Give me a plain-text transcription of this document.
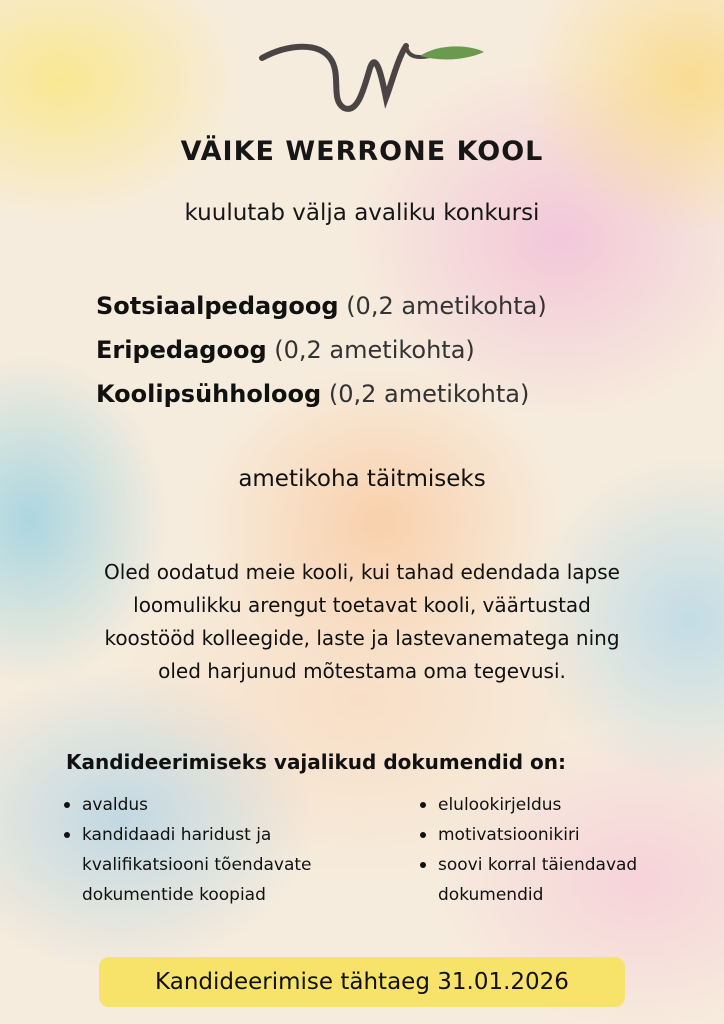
VÄIKE WERRONE KOOL
kuulutab välja avaliku konkursi
Sotsiaalpedagoog (0,2 ametikohta)
Eripedagoog (0,2 ametikohta)
Koolipsühholoog (0,2 ametikohta)
ametikoha täitmiseks
Oled oodatud meie kooli, kui tahad edendada lapse
loomulikku arengut toetavat kooli, väärtustad
koostööd kolleegide, laste ja lastevanematega ning
oled harjunud mõtestama oma tegevusi.
Kandideerimiseks vajalikud dokumendid on:
avaldus
kandidaadi haridust ja kvalifikatsiooni tõendavate dokumentide koopiad
elulookirjeldus
motivatsioonikiri
soovi korral täiendavad dokumendid
Kandideerimise tähtaeg 31.01.2026
